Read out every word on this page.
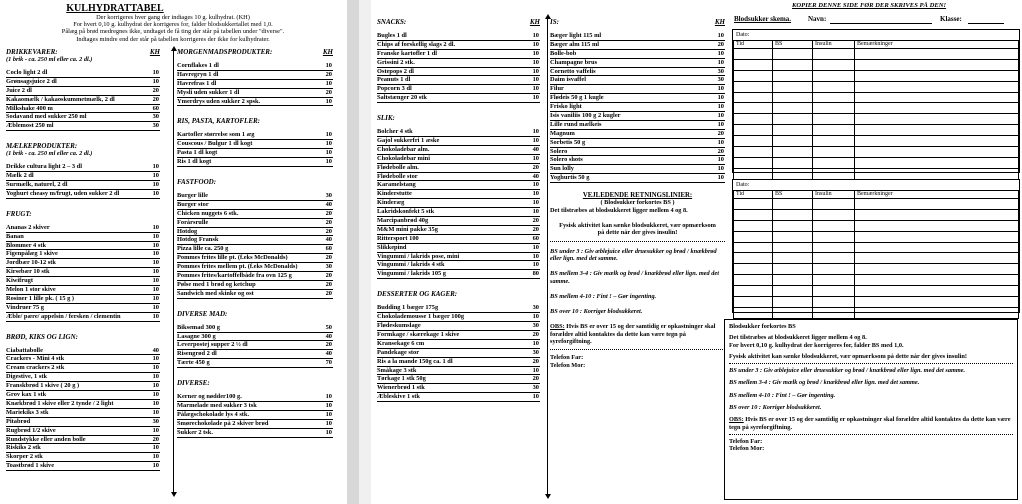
KULHYDRATTABEL
Der korrigeres hver gang der indtages 10 g. kulhydrat. (KH)
For hvert 0,10 g. kulhydrat der korrigeres for, falder blodsukkertallet med 1,0.
Pålæg på brød medregnes ikke, undtaget de få ting der står på tabellen under "diverse".
Indtages mindre end der står på tabellen korrigeres der ikke for kulhydrater.
DRIKKEVARER:	KH
(1 brik - ca. 250 ml eller ca. 2 dl.)
Coclo light 2 dl	10
Grønsagsjuice 2 dl	10
Juice 2 dl	20
Kakaomælk / kakaoskummetmælk, 2 dl	20
Milkshake 400 m	60
Sodavand med sukker 250 ml	30
Æblemost 250 ml	30
MÆLKEPRODUKTER:
(1 brik - ca. 250 ml eller ca. 2 dl.)
Drikke cultura light 2 – 3 dl	10
Mælk 2 dl	10
Surmælk, naturel, 2 dl	10
Yoghurt cheasy m/frugt, uden sukker 2 dl	10
FRUGT:
Ananas 2 skiver	10
Banan	10
Blommer 4 stk	10
Figenpålæg 1 skive	10
Jordbær 10-12 stk	10
Kirsebær 10 stk	10
Kiwifrugt	10
Melon 1 stor skive	10
Rosiner 1 lille pk. ( 15 g )	10
Vindruer 75 g	10
Æble/ pære/ appelsin / fersken / clementin	10
BRØD, KIKS OG LIGN:
Ciabattabolle	40
Crackers - Mini 4 stk	10
Cream crackers 2 stk	10
Digestive, 1 stk	10
Franskbrød 1 skive ( 20 g )	10
Grov kax 1 stk	10
Knækbrød 1 skive eller 2 tynde / 2 light	10
Mariekiks 3 stk	10
Pitabrød	30
Rugbrød 1/2 skive	10
Rundstykke eller anden bolle	20
Riskiks 2 stk	10
Skorper 2 stk	10
Toastbrød 1 skive	10
MORGENMADSPRODUKTER:	KH
Cornflakes 1 dl	10
Havregryn 1 dl	20
Havrefras 1 dl	10
Mysli uden sukker 1 dl	20
Ymerdrys uden sukker 2 spsk.	10
RIS, PASTA, KARTOFLER:
Kartofler størrelse som 1 æg	10
Couscous / Bulgur 1 dl kogt	10
Pasta 1 dl kogt	10
Ris 1 dl kogt	10
FASTFOOD:
Burger lille	30
Burger stor	40
Chicken nuggets 6 stk.	20
Forårsrulle	20
Hotdog	20
Hotdog Fransk	40
Pizza lille ca. 250 g	60
Pommes frites lille pt. (f.eks McDonalds)	20
Pommes frites mellem pt. (f.eks McDonalds)	30
Pommes frites/kartoffelbåde fra ovn 125 g	20
Pølse med 1 brød og ketchup	20
Sandwich med skinke og ost	20
DIVERSE MAD:
Biksemad 300 g	50
Lasagne 300 g	40
Leverpostej supper 2 ½ dl	20
Risengrød 2 dl	40
Tærte 450 g	70
DIVERSE:
Kerner og nødder100 g.	10
Marmelade med sukker 3 tsk	10
Pålægschokolade lys 4 stk.	10
Smørechokolade på 2 skiver brød	10
Sukker 2 tsk.	10
SNACKS:	KH
Bugles 1 dl	10
Chips af forskellig slags 2 dl.	10
Franske kartofler 1 dl	10
Grissini 2 stk.	10
Ostepops 2 dl	10
Peanuts 1 dl	10
Popcorn 3 dl	10
Saltstænger 20 stk	10
SLIK:
Bolcher 4 stk	10
Gajol sukkerfri 1 æske	10
Chokoladebar alm.	40
Chokoladebar mini	10
Flødebolle alm.	20
Flødebolle stor	40
Karamelstang	10
Kinderstutte	10
Kinderæg	10
Lakridskonfekt 5 stk	10
Marcipanbrød 40g	20
M&M mini pakke 35g	20
Rittersport 100	60
Slikkepind	10
Vingummi / lakrids pose, mini	10
Vingummi / lakrids 4 stk	10
Vingummi / lakrids 105 g	80
DESSERTER OG KAGER:
Budding 1 bæger 175g	30
Chokolademousse 1 bæger 100g	10
Flødeskumslage	30
Formkage / skærekage 1 skive	20
Kransekage 6 cm	10
Pandekage stor	30
Ris a la mande 150g ca. 1 dl	20
Småkage 3 stk	10
Tørkage 1 stk 50g	20
Wienerbrød 1 stk	30
Æbleskive 1 stk	10
IS:	KH
Bæger light 115 ml	10
Bæger alm 115 ml	20
Bolle-bob	10
Champagne brus	10
Cornetto vaffelis	30
Daim isvaffel	30
Filur	10
Flødeis 50 g 1 kugle	10
Frisko light	10
Isis vaniliis 100 g 2 kugler	10
Lille rund mælkeis	10
Magnum	20
Sorbetis 50 g	10
Solero	20
Solero shots	10
Sun lolly	10
Yoghurtis 50 g	10
VEJLEDENDE RETNINGSLINIER:
( Blodsukker forkortes BS )
Det tilstræbes at blodsukkeret ligger mellem 4 og 8.
Fysisk aktivitet kan sænke blodsukkeret, vær opmærksom på dette når der gives insulin!
BS under 3 : Giv æblejuice eller druesukker og brød / knækbrød eller lign. med det samme.
BS mellem 3-4 : Giv mælk og brød / knækbrød eller lign. med det samme.
BS mellem 4-10 : Fint ! – Gør ingenting.
BS over 10 : Korriger blodsukkeret.
OBS: Hvis BS er over 15 og der samtidig er opkastninger skal forældre altid kontaktes da dette kan være tegn på syreforgiftning.
Telefon Far:
Telefon Mor:
KOPIER DENNE SIDE FØR DER SKRIVES PÅ DEN!
Blodsukker skema. Navn:	Klasse:
Dato:
Tid	BS	Insulin	Bemærkninger

Dato:
Tid	BS	Insulin	Bemærkninger

Blodsukker forkortes BS
Det tilstræbes at blodsukkeret ligger mellem 4 og 8.
For hvert 0,10 g. kulhydrat der korrigeres for, falder BS med 1,0.
Fysisk aktivitet kan sænke blodsukkeret, vær opmærksom på dette når der gives insulin!
BS under 3 : Giv æblejuice eller druesukker og brød / knækbrød eller lign. med det samme.
BS mellem 3-4 : Giv mælk og brød / knækbrød eller lign. med det samme.
BS mellem 4-10 : Fint ! – Gør ingenting.
BS over 10 : Korriger blodsukkeret.
OBS: Hvis BS er over 15 og der samtidig er opkastninger skal forældre altid kontaktes da dette kan være tegn på syreforgiftning.
Telefon Far:
Telefon Mor:
